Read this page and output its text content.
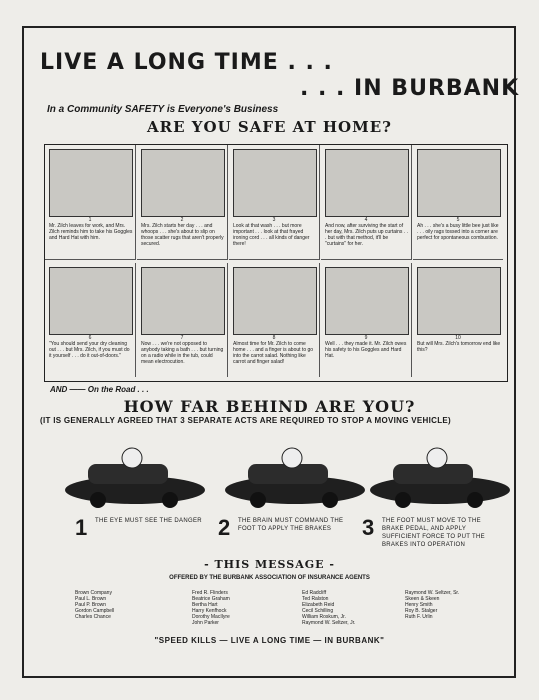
LIVE A LONG TIME . . .
. . . IN BURBANK
In a Community SAFETY is Everyone's Business
ARE YOU SAFE AT HOME?
1
Mr. Zilch leaves for work, and Mrs. Zilch reminds him to take his Goggles and Hard Hat with him.
2
Mrs. Zilch starts her day . . . and whoops . . . she's about to slip on those scatter rugs that aren't properly secured.
3
Look at that wash . . . but more important . . . look at that frayed ironing cord . . . all kinds of danger there!
4
And now, after surviving the start of her day, Mrs. Zilch puts up curtains . . . but with that method, it'll be "curtains" for her.
5
Ah . . . she's a busy little bee just like . . . oily rags tossed into a corner are perfect for spontaneous combustion.
6
"You should send your dry cleaning out . . . but Mrs. Zilch, if you must do it yourself . . . do it out-of-doors."
7
Now . . . we're not opposed to anybody taking a bath . . . but turning on a radio while in the tub, could mean electrocution.
8
Almost time for Mr. Zilch to come home . . . and a finger is about to go into the carrot salad. Nothing like carrot and finger salad!
9
Well . . . they made it. Mr. Zilch owes his safety to his Goggles and Hard Hat.
10
But will Mrs. Zilch's tomorrow end like this?
AND —— On the Road . . .
HOW FAR BEHIND ARE YOU?
(IT IS GENERALLY AGREED THAT 3 SEPARATE ACTS ARE REQUIRED TO STOP A MOVING VEHICLE)
1 THE EYE MUST SEE THE DANGER 2 THE BRAIN MUST COMMAND THE FOOT TO APPLY THE BRAKES	3 THE FOOT MUST MOVE TO THE BRAKE PEDAL, AND APPLY SUFFICIENT FORCE TO PUT THE BRAKES INTO OPERATION
- THIS MESSAGE -
OFFERED BY THE BURBANK ASSOCIATION OF INSURANCE AGENTS
Brown Company
Paul L. Brown
Paul P. Brown
Gordon Campbell
Charles Chance
Fred R. Flinders
Beatrice Graham
Bertha Hart
Harry Kenfhock
Dorothy MacIlyre
John Parker
Ed Radcliff
Ted Ralston
Elizabeth Reid
Cecil Schilling
William Roskum, Jr.
Raymond W. Seltzer, Jr.
Raymond W. Seltzer, Sr.
Skeen & Skeen
Henry Smith
Roy B. Stalger
Ruth F. Urlin
"SPEED KILLS — LIVE A LONG TIME — IN BURBANK"
